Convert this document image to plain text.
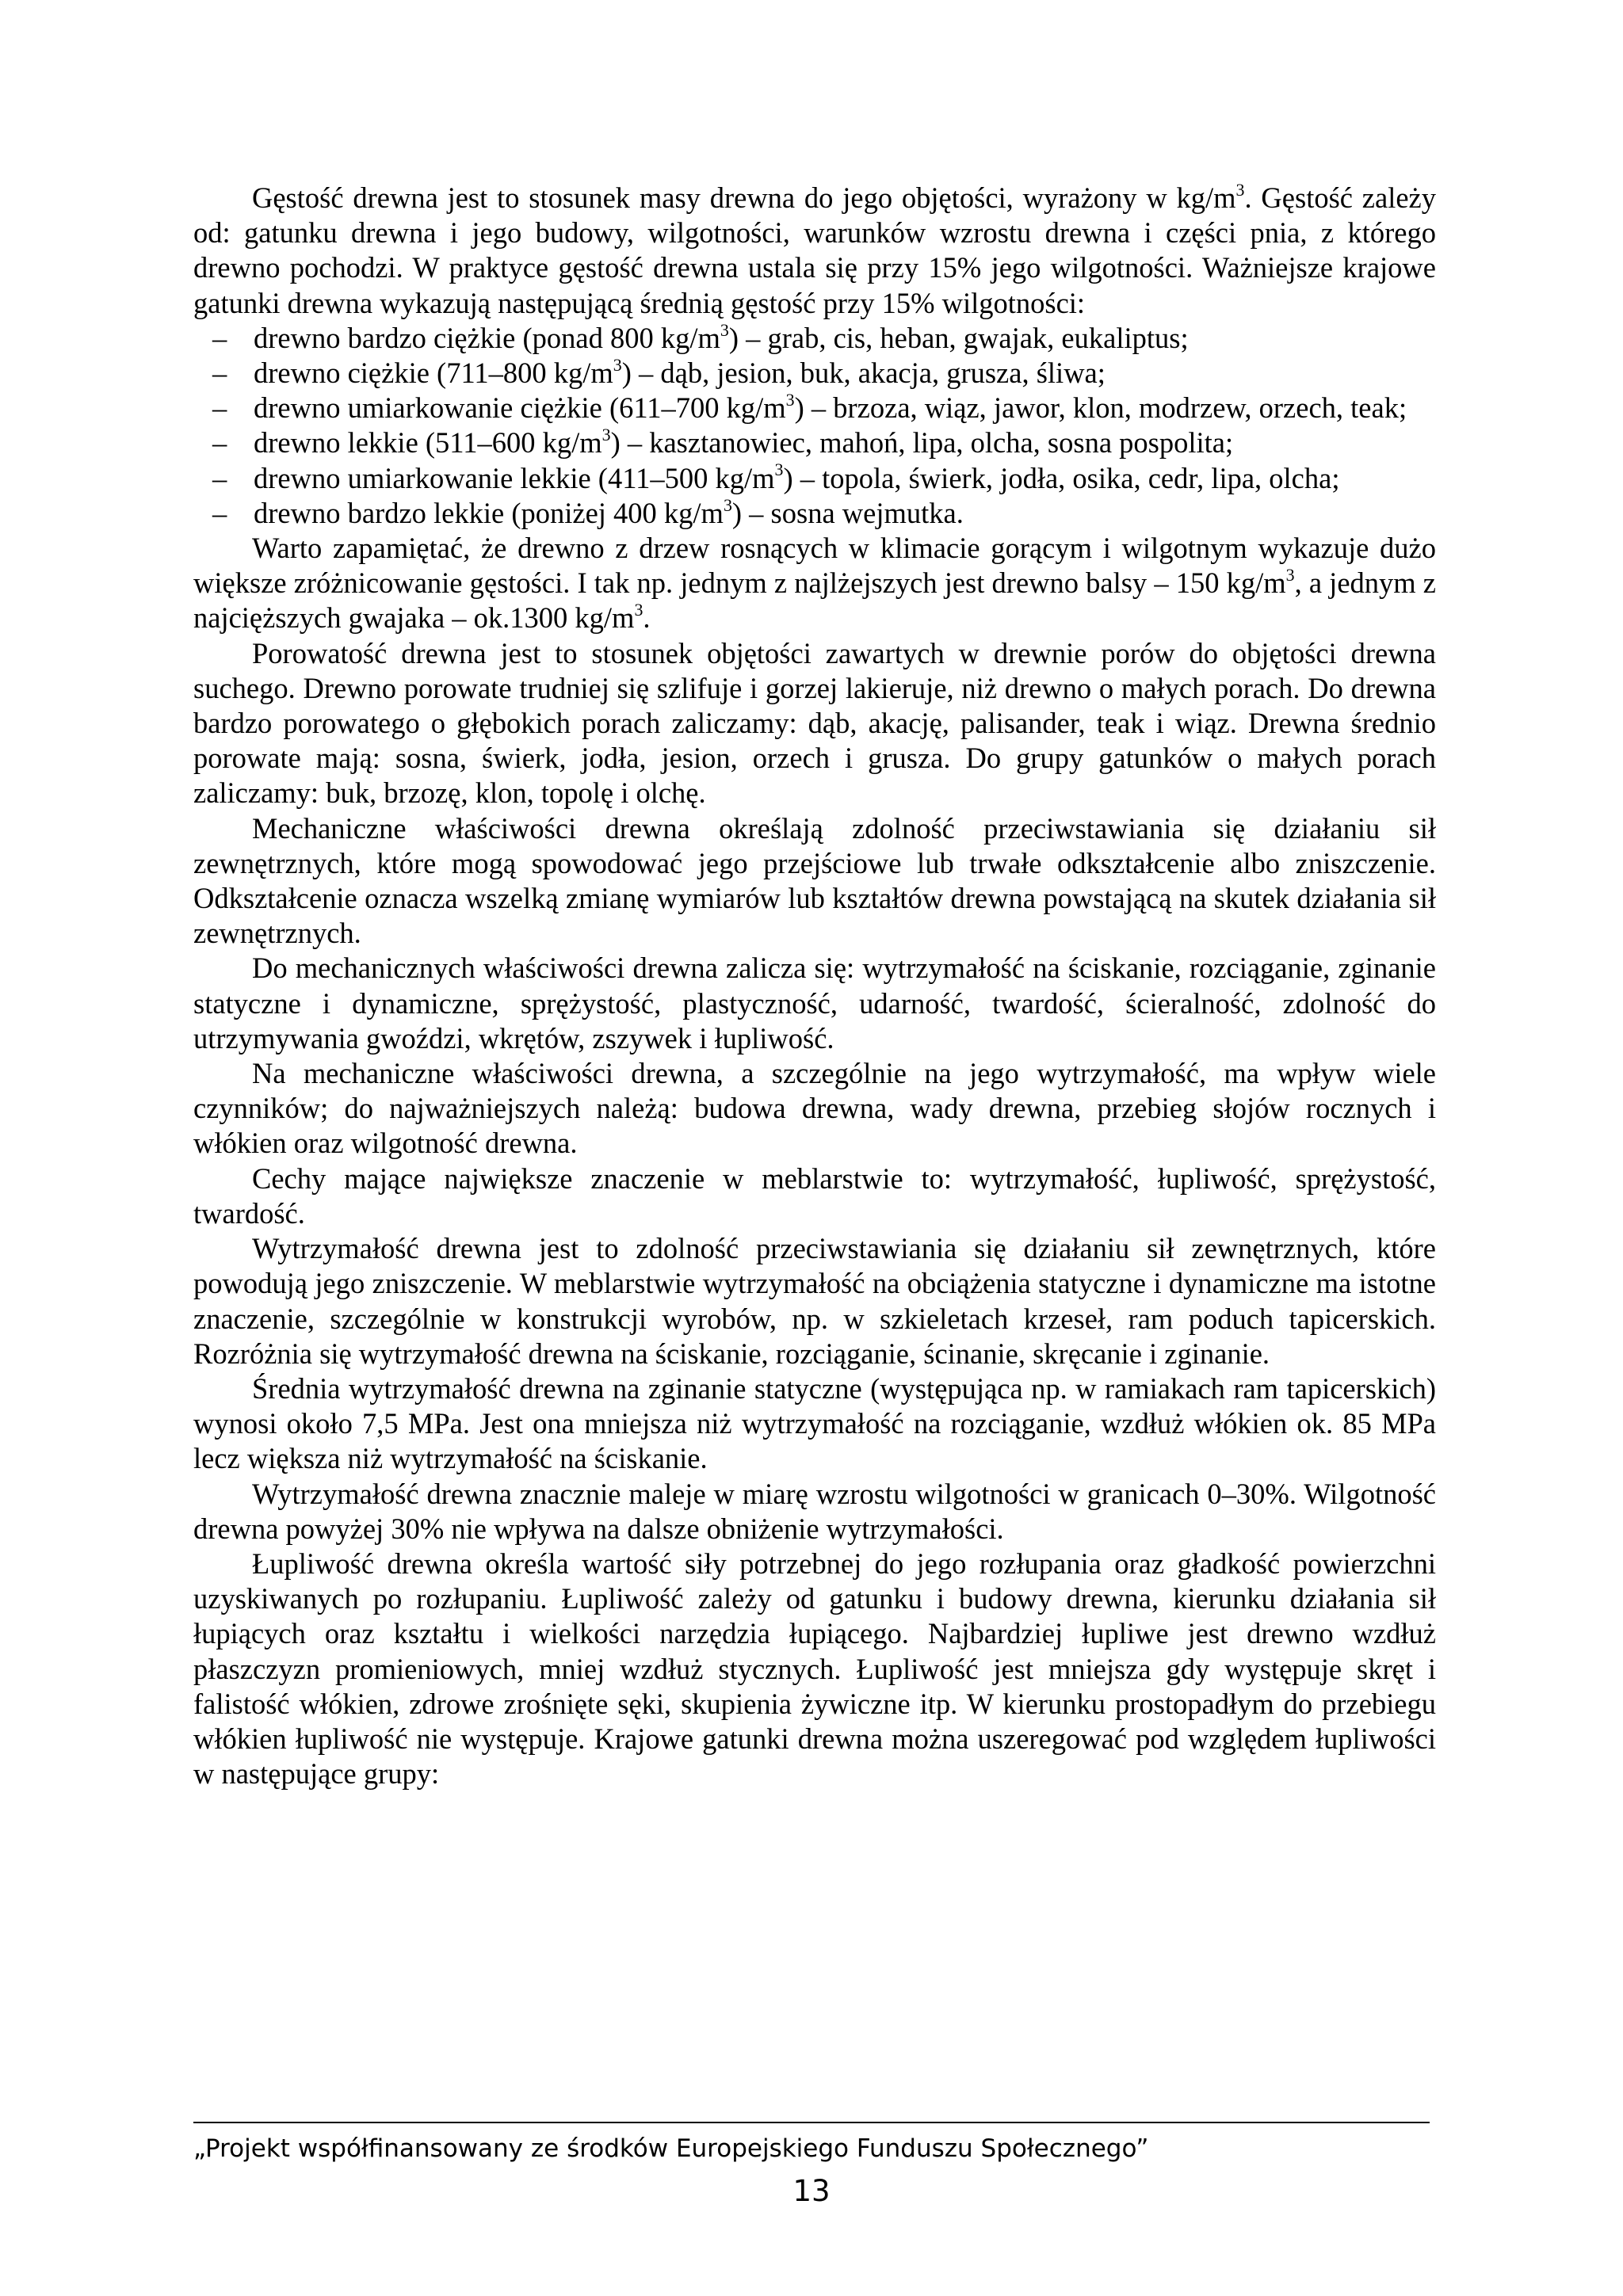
Gęstość drewna jest to stosunek masy drewna do jego objętości, wyrażony w $kg/m^3$. Gęstość zależy od: gatunku drewna i jego budowy, wilgotności, warunków wzrostu drewna i części pnia, z którego drewno pochodzi. W praktyce gęstość drewna ustala się przy 15% jego wilgotności. Ważniejsze krajowe gatunki drewna wykazują następującą średnią gęstość przy 15% wilgotności:

– drewno bardzo ciężkie (ponad 800 $kg/m^3$) – grab, cis, heban, gwajak, eukaliptus;
– drewno ciężkie (711–800 $kg/m^3$) – dąb, jesion, buk, akacja, grusza, śliwa;
– drewno umiarkowanie ciężkie (611–700 $kg/m^3$) – brzoza, wiąz, jawor, klon, modrzew, orzech, teak;
– drewno lekkie (511–600 $kg/m^3$) – kasztanowiec, mahoń, lipa, olcha, sosna pospolita;
– drewno umiarkowanie lekkie (411–500 $kg/m^3$) – topola, świerk, jodła, osika, cedr, lipa, olcha;
– drewno bardzo lekkie (poniżej 400 $kg/m^3$) – sosna wejmutka.

Warto zapamiętać, że drewno z drzew rosnących w klimacie gorącym i wilgotnym wykazuje dużo większe zróżnicowanie gęstości. I tak np. jednym z najlżejszych jest drewno balsy – 150 $kg/m^3$, a jednym z najcięższych gwajaka – ok.1300 $kg/m^3$.

Porowatość drewna jest to stosunek objętości zawartych w drewnie porów do objętości drewna suchego. Drewno porowate trudniej się szlifuje i gorzej lakieruje, niż drewno o małych porach. Do drewna bardzo porowatego o głębokich porach zaliczamy: dąb, akację, palisander, teak i wiąz. Drewna średnio porowate mają: sosna, świerk, jodła, jesion, orzech i grusza. Do grupy gatunków o małych porach zaliczamy: buk, brzozę, klon, topolę i olchę.

Mechaniczne właściwości drewna określają zdolność przeciwstawiania się działaniu sił zewnętrznych, które mogą spowodować jego przejściowe lub trwałe odkształcenie albo zniszczenie. Odkształcenie oznacza wszelką zmianę wymiarów lub kształtów drewna powstającą na skutek działania sił zewnętrznych.

Do mechanicznych właściwości drewna zalicza się: wytrzymałość na ściskanie, rozciąganie, zginanie statyczne i dynamiczne, sprężystość, plastyczność, udarność, twardość, ścieralność, zdolność do utrzymywania gwoździ, wkrętów, zszywek i łupliwość.

Na mechaniczne właściwości drewna, a szczególnie na jego wytrzymałość, ma wpływ wiele czynników; do najważniejszych należą: budowa drewna, wady drewna, przebieg słojów rocznych i włókien oraz wilgotność drewna.

Cechy mające największe znaczenie w meblarstwie to: wytrzymałość, łupliwość, sprężystość, twardość.

Wytrzymałość drewna jest to zdolność przeciwstawiania się działaniu sił zewnętrznych, które powodują jego zniszczenie. W meblarstwie wytrzymałość na obciążenia statyczne i dynamiczne ma istotne znaczenie, szczególnie w konstrukcji wyrobów, np. w szkieletach krzeseł, ram poduch tapicerskich. Rozróżnia się wytrzymałość drewna na ściskanie, rozciąganie, ścinanie, skręcanie i zginanie.

Średnia wytrzymałość drewna na zginanie statyczne (występująca np. w ramiakach ram tapicerskich) wynosi około 7,5 MPa. Jest ona mniejsza niż wytrzymałość na rozciąganie, wzdłuż włókien ok. 85 MPa lecz większa niż wytrzymałość na ściskanie.

Wytrzymałość drewna znacznie maleje w miarę wzrostu wilgotności w granicach 0–30%. Wilgotność drewna powyżej 30% nie wpływa na dalsze obniżenie wytrzymałości.

Łupliwość drewna określa wartość siły potrzebnej do jego rozłupania oraz gładkość powierzchni uzyskiwanych po rozłupaniu. Łupliwość zależy od gatunku i budowy drewna, kierunku działania sił łupiących oraz kształtu i wielkości narzędzia łupiącego. Najbardziej łupliwe jest drewno wzdłuż płaszczyzn promieniowych, mniej wzdłuż stycznych. Łupliwość jest mniejsza gdy występuje skręt i falistość włókien, zdrowe zrośnięte sęki, skupienia żywiczne itp. W kierunku prostopadłym do przebiegu włókien łupliwość nie występuje. Krajowe gatunki drewna można uszeregować pod względem łupliwości w następujące grupy:

„Projekt współfinansowany ze środków Europejskiego Funduszu Społecznego”
13
